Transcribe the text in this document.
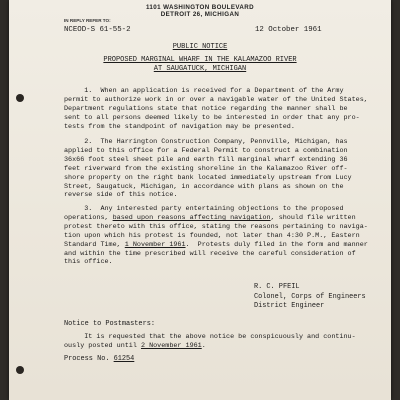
1101 WASHINGTON BOULEVARD
DETROIT 26, MICHIGAN
IN REPLY REFER TO:
NCEOD-S 61-55-2	12 October 1961
PUBLIC NOTICE
PROPOSED MARGINAL WHARF IN THE KALAMAZOO RIVER
AT SAUGATUCK, MICHIGAN
1.  When an application is received for a Department of the Army
permit to authorize work in or over a navigable water of the United States,
Department regulations state that notice regarding the manner shall be
sent to all persons deemed likely to be interested in order that any pro-
tests from the standpoint of navigation may be presented.
2.  The Harrington Construction Company, Pennville, Michigan, has
applied to this office for a Federal Permit to construct a combination
36x66 foot steel sheet pile and earth fill marginal wharf extending 36
feet riverward from the existing shoreline in the Kalamazoo River off-
shore property on the right bank located immediately upstream from Lucy
Street, Saugatuck, Michigan, in accordance with plans as shown on the
reverse side of this notice.
3.  Any interested party entertaining objections to the proposed
operations, based upon reasons affecting navigation, should file written
protest thereto with this office, stating the reasons pertaining to naviga-
tion upon which his protest is founded, not later than 4:30 P.M., Eastern
Standard Time, 1 November 1961.  Protests duly filed in the form and manner
and within the time prescribed will receive the careful consideration of
this office.
R. C. PFEIL
Colonel, Corps of Engineers
District Engineer
Notice to Postmasters:
It is requested that the above notice be conspicuously and continu-
ously posted until 2 November 1961.
Process No. 61254
